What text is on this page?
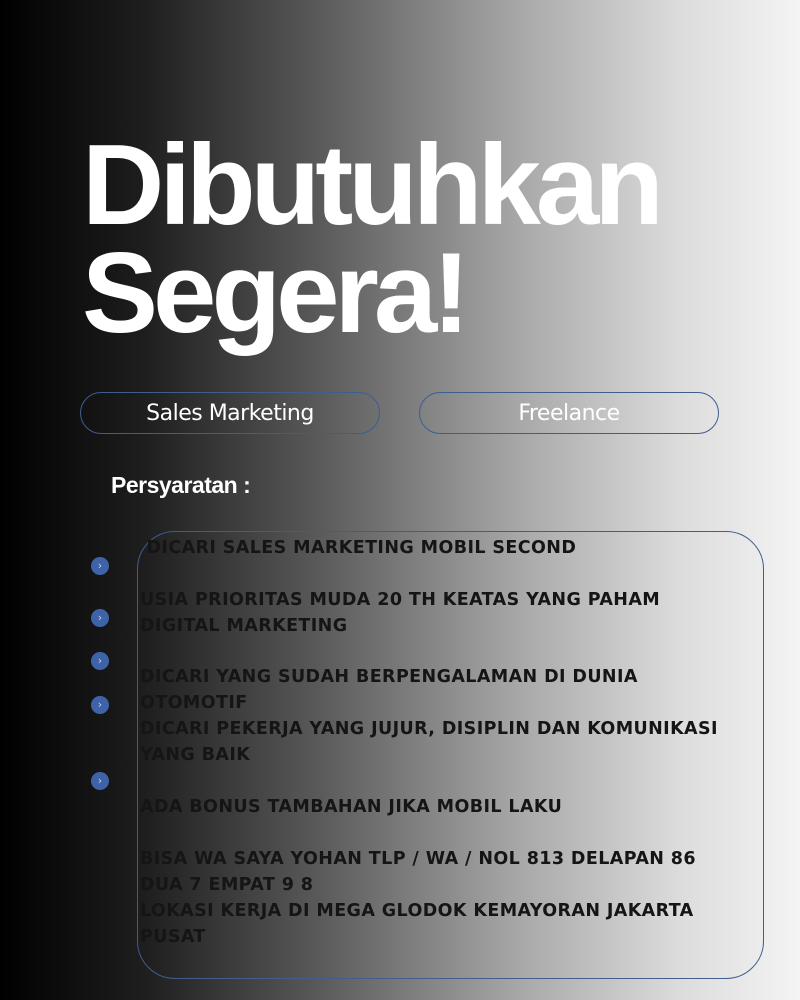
Dibutuhkan
Segera!
Sales Marketing	Freelance
Persyaratan :
›
›
›
›
›

DICARI SALES MARKETING MOBIL SECOND

USIA PRIORITAS MUDA 20 TH KEATAS YANG PAHAM DIGITAL MARKETING

DICARI YANG SUDAH BERPENGALAMAN DI DUNIA OTOMOTIF

DICARI PEKERJA YANG JUJUR, DISIPLIN DAN KOMUNIKASI YANG BAIK

ADA BONUS TAMBAHAN JIKA MOBIL LAKU

BISA WA SAYA YOHAN TLP / WA / NOL 813 DELAPAN 86 DUA 7 EMPAT 9 8

LOKASI KERJA DI MEGA GLODOK KEMAYORAN JAKARTA PUSAT
